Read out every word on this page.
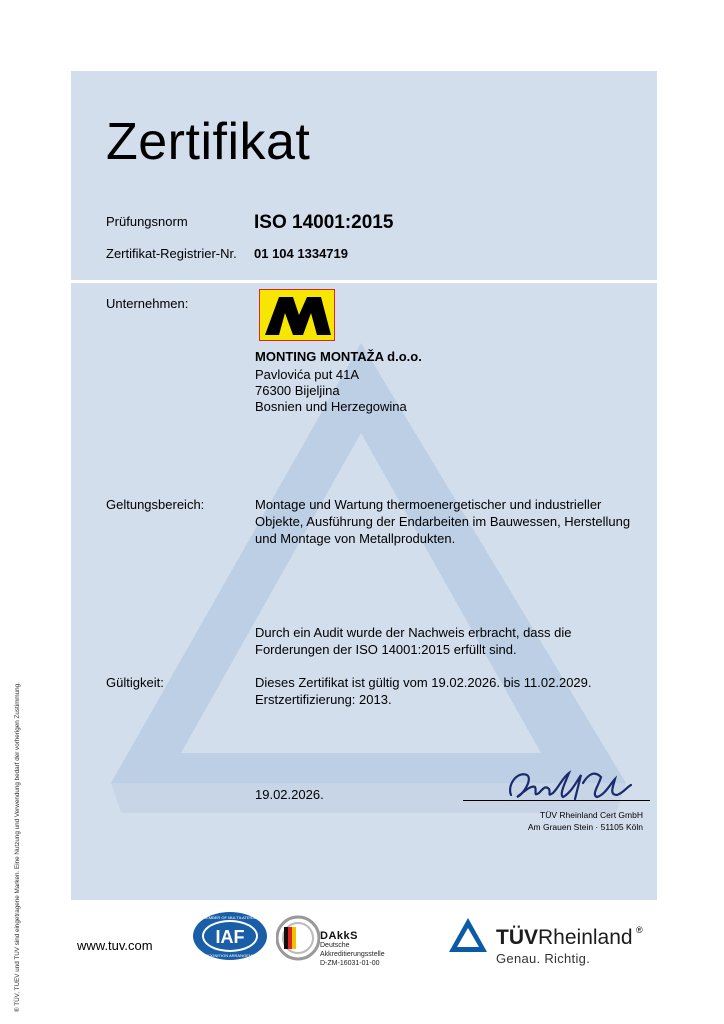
® TÜV, TUEV und TUV sind eingetragene Marken. Eine Nutzung und Verwendung bedarf der vorherigen Zustimmung.
Zertifikat
Prüfungsnorm	ISO 14001:2015
Zertifikat-Registrier-Nr. 01 104 1334719
Unternehmen:
MONTING MONTAŽA d.o.o.
Pavlovića put 41A
76300 Bijeljina
Bosnien und Herzegowina
Geltungsbereich:	Montage und Wartung thermoenergetischer und industrieller
Objekte, Ausführung der Endarbeiten im Bauwessen, Herstellung
und Montage von Metallprodukten.
Durch ein Audit wurde der Nachweis erbracht, dass die
Forderungen der ISO 14001:2015 erfüllt sind.
Gültigkeit:	Dieses Zertifikat ist gültig vom 19.02.2026. bis 11.02.2029.
Erstzertifizierung: 2013.
19.02.2026.
TÜV Rheinland Cert GmbH
Am Grauen Stein · 51105 Köln
www.tuv.com	IAF
MEMBER OF MULTILATERAL
RECOGNITION ARRANGEMENT
DAkkS
Deutsche
Akkreditierungsstelle
D-ZM-16031-01-00
TÜVRheinland ®
Genau. Richtig.
